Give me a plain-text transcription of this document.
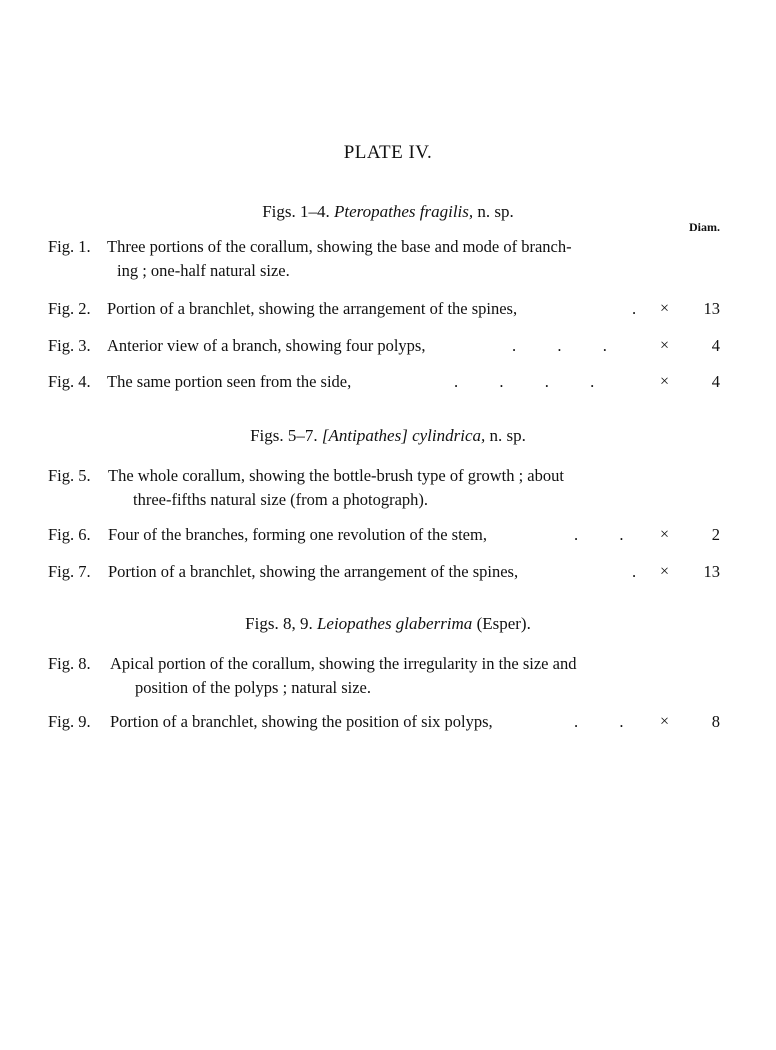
PLATE IV.
Figs. 1–4. Pteropathes fragilis, n. sp.
Diam.
Fig. 1. Three portions of the corallum, showing the base and mode of branch-
ing ; one-half natural size.
Fig. 2. Portion of a branchlet, showing the arrangement of the spines,	. × 13
Fig. 3. Anterior view of a branch, showing four polyps,	.          .          .	×	4
Fig. 4. The same portion seen from the side,	.          .          .          .	×	4
Figs. 5–7. [Antipathes] cylindrica, n. sp.
Fig. 5. The whole corallum, showing the bottle-brush type of growth ; about
three-fifths natural size (from a photograph).
Fig. 6. Four of the branches, forming one revolution of the stem,	.          . ×	2
Fig. 7. Portion of a branchlet, showing the arrangement of the spines,	. × 13
Figs. 8, 9. Leiopathes glaberrima (Esper).
Fig. 8. Apical portion of the corallum, showing the irregularity in the size and
position of the polyps ; natural size.
Fig. 9. Portion of a branchlet, showing the position of six polyps,	.          . ×	8
